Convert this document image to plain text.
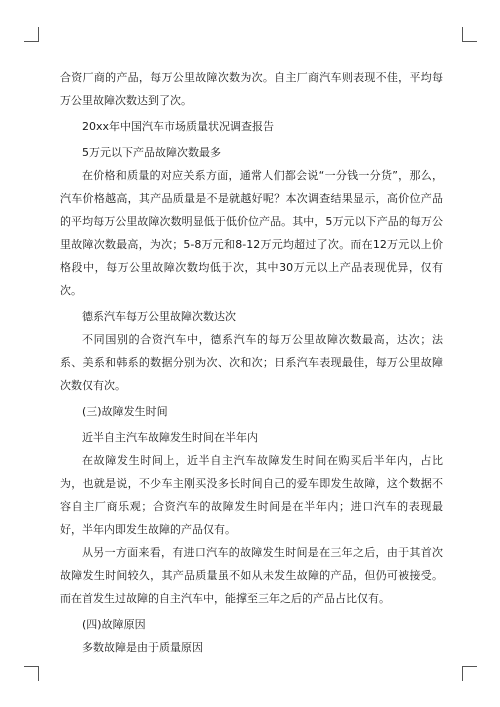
合资厂商的产品，每万公里故障次数为次。自主厂商汽车则表现不佳，平均每万公里故障次数达到了次。

20xx年中国汽车市场质量状况调查报告

5万元以下产品故障次数最多

在价格和质量的对应关系方面，通常人们都会说“一分钱一分货”，那么，汽车价格越高，其产品质量是不是就越好呢？本次调查结果显示，高价位产品的平均每万公里故障次数明显低于低价位产品。其中，5万元以下产品的每万公里故障次数最高，为次；5-8万元和8-12万元均超过了次。而在12万元以上价格段中，每万公里故障次数均低于次，其中30万元以上产品表现优异，仅有次。

德系汽车每万公里故障次数达次

不同国别的合资汽车中，德系汽车的每万公里故障次数最高，达次；法系、美系和韩系的数据分别为次、次和次；日系汽车表现最佳，每万公里故障次数仅有次。

(三)故障发生时间

近半自主汽车故障发生时间在半年内

在故障发生时间上，近半自主汽车故障发生时间在购买后半年内，占比为，也就是说，不少车主刚买没多长时间自己的爱车即发生故障，这个数据不容自主厂商乐观；合资汽车的故障发生时间是在半年内；进口汽车的表现最好，半年内即发生故障的产品仅有。

从另一方面来看，有进口汽车的故障发生时间是在三年之后，由于其首次故障发生时间较久，其产品质量虽不如从未发生故障的产品，但仍可被接受。而在首发生过故障的自主汽车中，能撑至三年之后的产品占比仅有。

(四)故障原因

多数故障是由于质量原因
